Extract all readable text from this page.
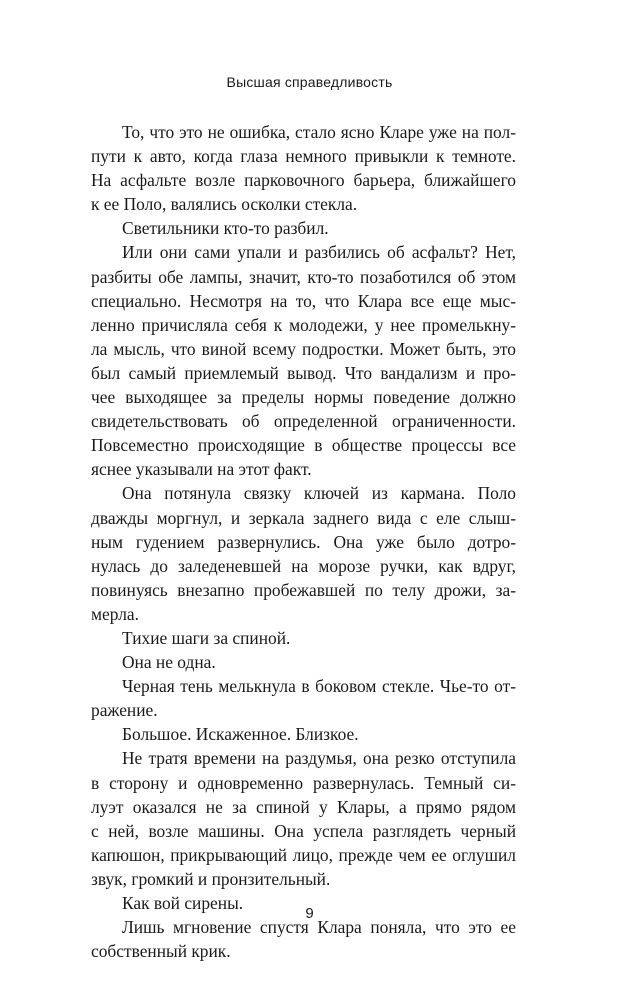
Высшая справедливость

То, что это не ошибка, стало ясно Кларе уже на пол-
пути к авто, когда глаза немного привыкли к темноте.
На асфальте возле парковочного барьера, ближайшего
к ее Поло, валялись осколки стекла.

Светильники кто-то разбил.

Или они сами упали и разбились об асфальт? Нет,
разбиты обе лампы, значит, кто-то позаботился об этом
специально. Несмотря на то, что Клара все еще мыс-
ленно причисляла себя к молодежи, у нее промелькну-
ла мысль, что виной всему подростки. Может быть, это
был самый приемлемый вывод. Что вандализм и про-
чее выходящее за пределы нормы поведение должно
свидетельствовать об определенной ограниченности.
Повсеместно происходящие в обществе процессы все
яснее указывали на этот факт.

Она потянула связку ключей из кармана. Поло
дважды моргнул, и зеркала заднего вида с еле слыш-
ным гудением развернулись. Она уже было дотро-
нулась до заледеневшей на морозе ручки, как вдруг,
повинуясь внезапно пробежавшей по телу дрожи, за-
мерла.

Тихие шаги за спиной.

Она не одна.

Черная тень мелькнула в боковом стекле. Чье-то от-
ражение.

Большое. Искаженное. Близкое.

Не тратя времени на раздумья, она резко отступила
в сторону и одновременно развернулась. Темный си-
луэт оказался не за спиной у Клары, а прямо рядом
с ней, возле машины. Она успела разглядеть черный
капюшон, прикрывающий лицо, прежде чем ее оглушил
звук, громкий и пронзительный.

Как вой сирены.

Лишь мгновение спустя Клара поняла, что это ее
собственный крик.

9
